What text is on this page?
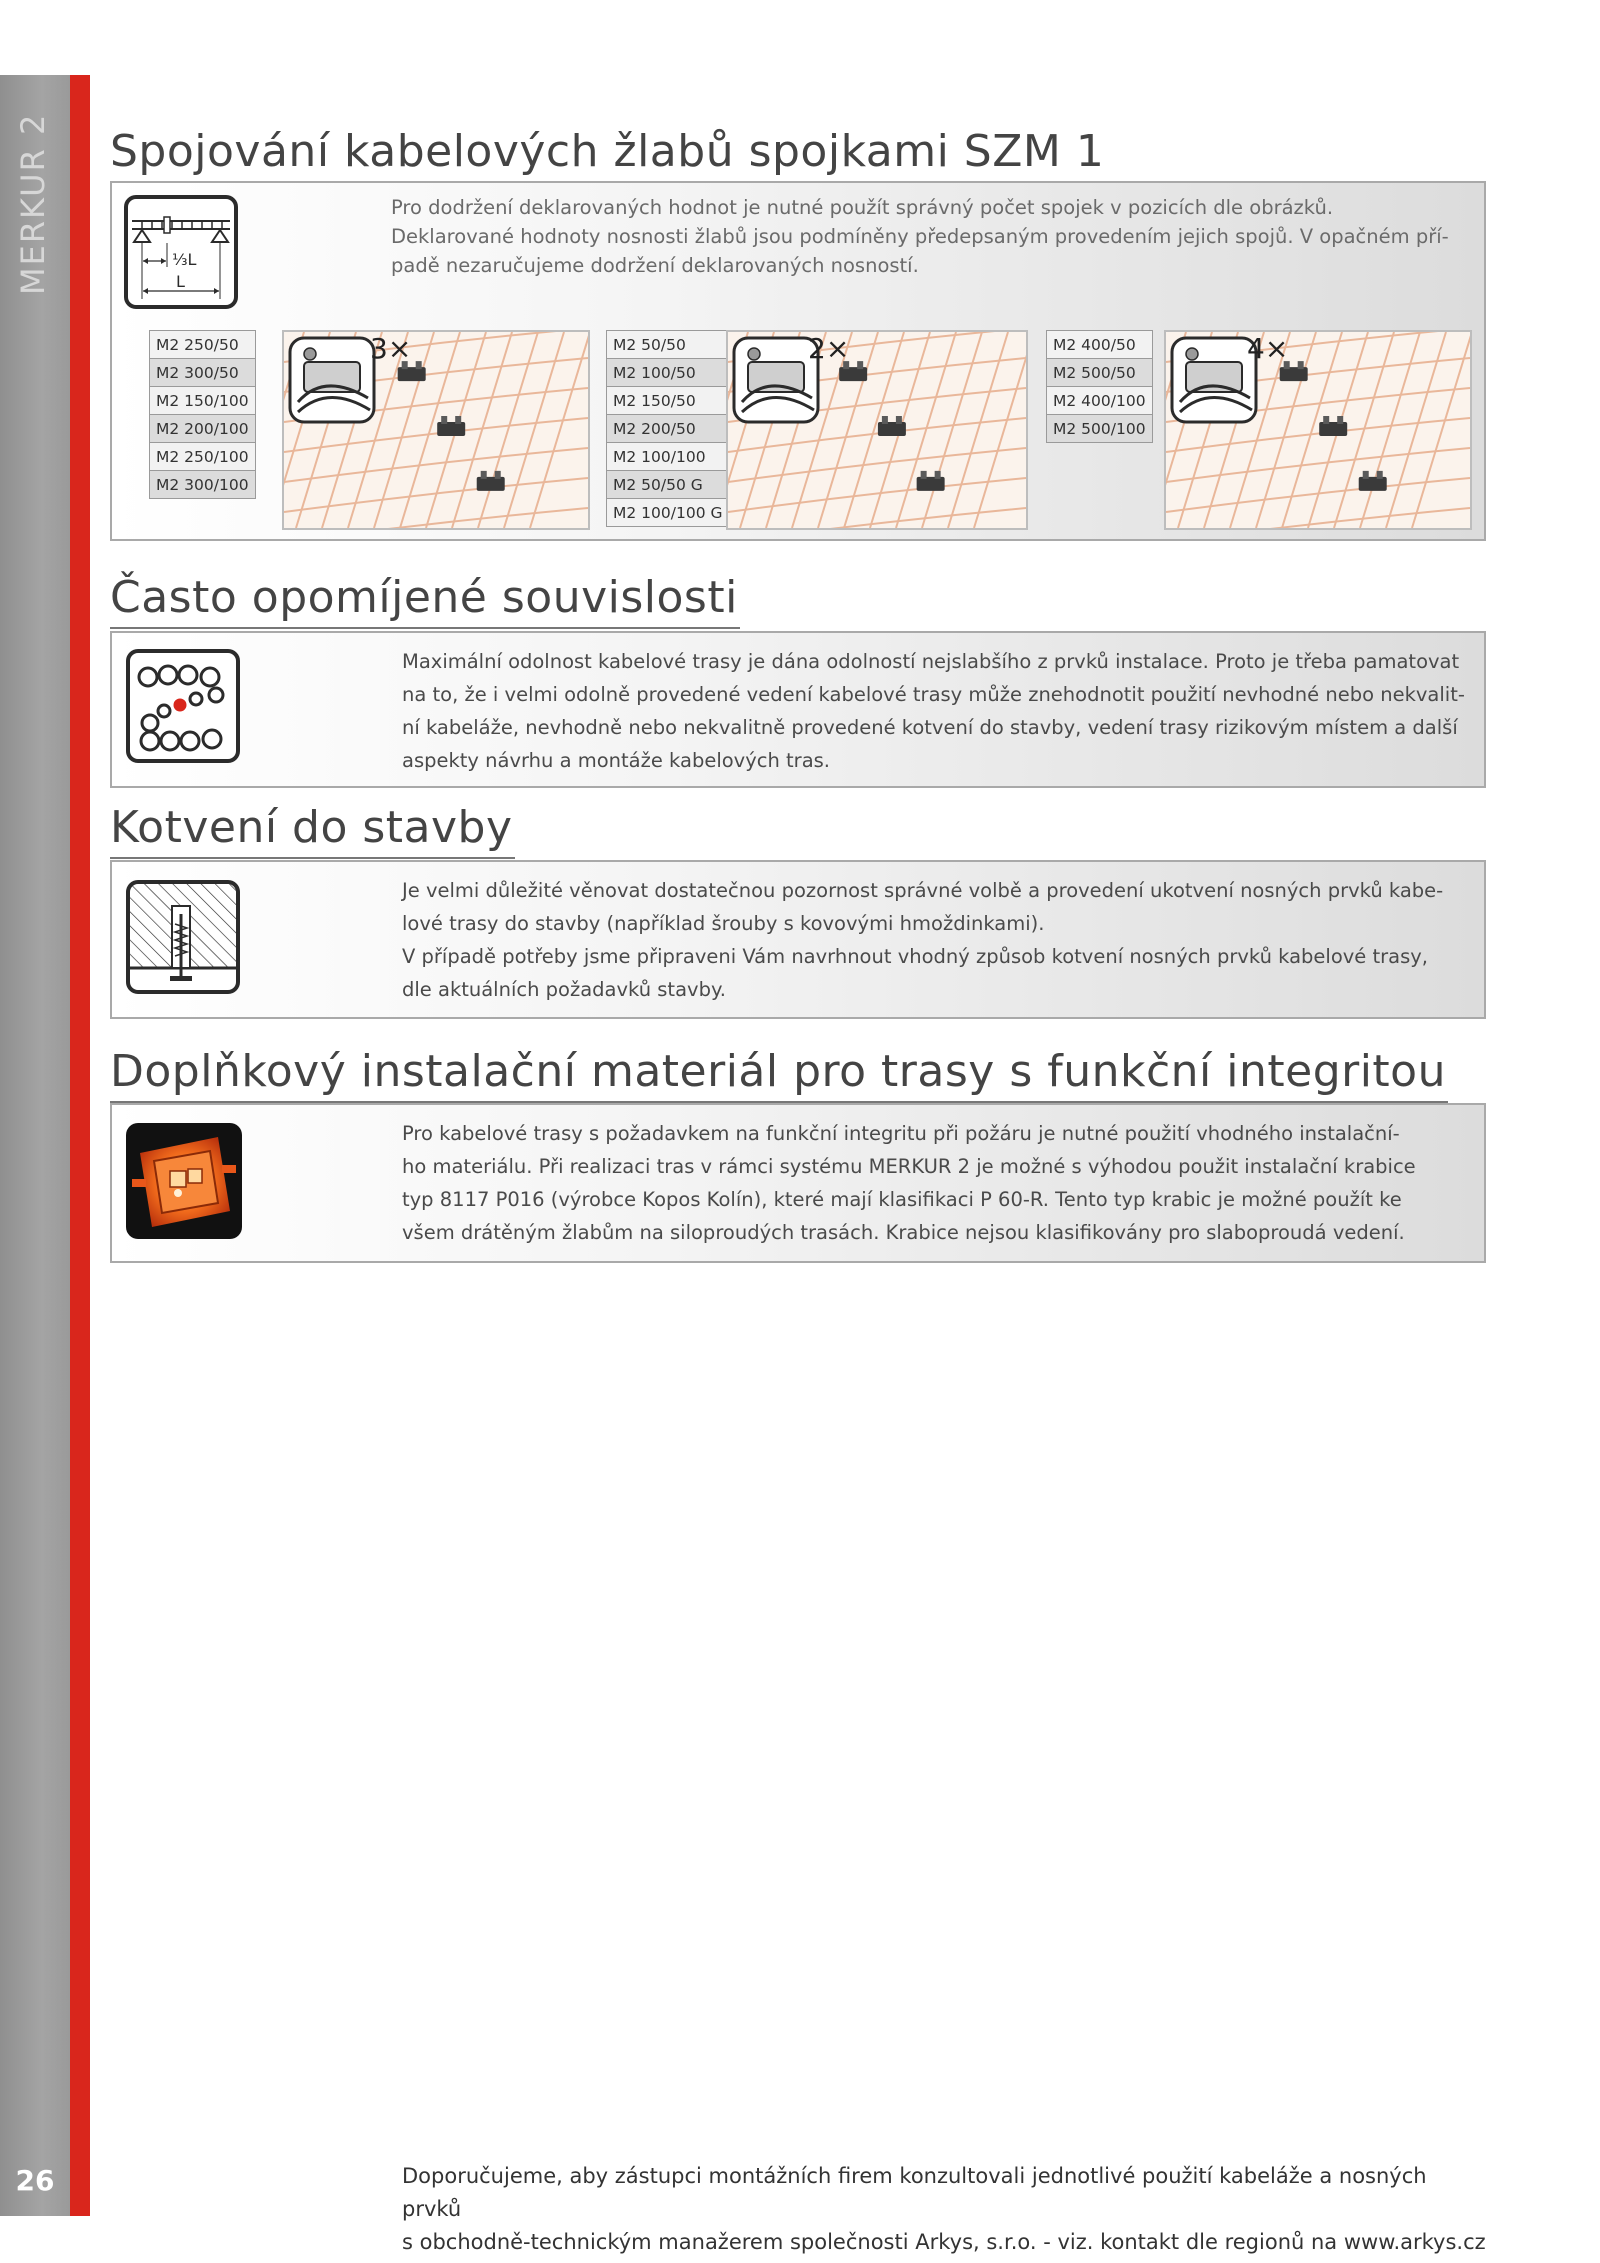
MERKUR 2
26
Spojování kabelových žlabů spojkami SZM 1
⅓L
L
Pro dodržení deklarovaných hodnot je nutné použít správný počet spojek v pozicích dle obrázků.
Deklarované hodnoty nosnosti žlabů jsou podmíněny předepsaným provedením jejich spojů. V opačném pří-
padě nezaručujeme dodržení deklarovaných nosností.
M2 250/50
M2 300/50
M2 150/100
M2 200/100
M2 250/100
M2 300/100
3×	M2 50/50
M2 100/50
M2 150/50
M2 200/50
M2 100/100
M2 50/50 G
M2 100/100 G
2×	M2 400/50
M2 500/50
M2 400/100
M2 500/100
4×
Často opomíjené souvislosti
Maximální odolnost kabelové trasy je dána odolností nejslabšího z prvků instalace. Proto je třeba pamatovat
na to, že i velmi odolně provedené vedení kabelové trasy může znehodnotit použití nevhodné nebo nekvalit-
ní kabeláže, nevhodně nebo nekvalitně provedené kotvení do stavby, vedení trasy rizikovým místem a další
aspekty návrhu a montáže kabelových tras.
Kotvení do stavby
Je velmi důležité věnovat dostatečnou pozornost správné volbě a provedení ukotvení nosných prvků kabe-
lové trasy do stavby (například šrouby s kovovými hmoždinkami).
V případě potřeby jsme připraveni Vám navrhnout vhodný způsob kotvení nosných prvků kabelové trasy,
dle aktuálních požadavků stavby.
Doplňkový instalační materiál pro trasy s funkční integritou
Pro kabelové trasy s požadavkem na funkční integritu při požáru je nutné použití vhodného instalační-
ho materiálu. Při realizaci tras v rámci systému MERKUR 2 je možné s výhodou použit instalační krabice
typ 8117 P016 (výrobce Kopos Kolín), které mají klasifikaci P 60-R. Tento typ krabic je možné použít ke
všem drátěným žlabům na siloproudých trasách. Krabice nejsou klasifikovány pro slaboproudá vedení.
Doporučujeme, aby zástupci montážních firem konzultovali jednotlivé použití kabeláže a nosných prvků
s obchodně-technickým manažerem společnosti Arkys, s.r.o. - viz. kontakt dle regionů na www.arkys.cz
